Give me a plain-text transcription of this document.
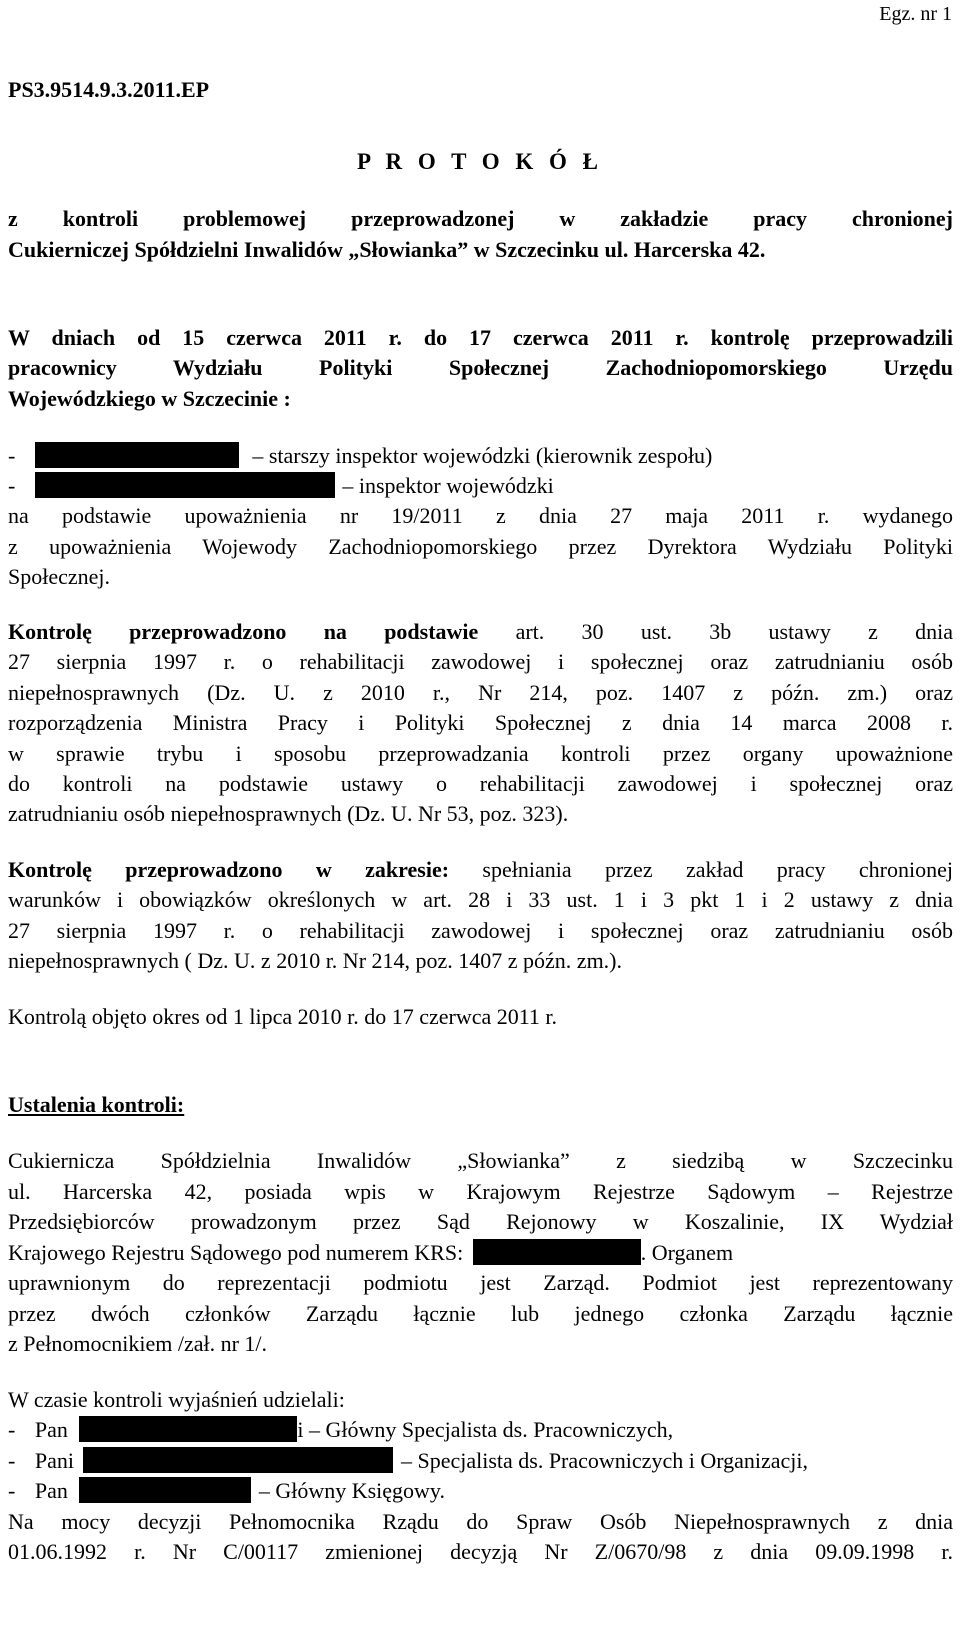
Egz. nr 1
PS3.9514.9.3.2011.EP
P R O T O K Ó Ł
z kontroli problemowej przeprowadzonej w zakładzie pracy chronionej
Cukierniczej Spółdzielni Inwalidów „Słowianka” w Szczecinku ul. Harcerska 42.
W dniach od 15 czerwca 2011 r. do 17 czerwca 2011 r. kontrolę przeprowadzili
pracownicy Wydziału Polityki Społecznej Zachodniopomorskiego Urzędu
Wojewódzkiego w Szczecinie :
-	– starszy inspektor wojewódzki (kierownik zespołu)
-	– inspektor wojewódzki
na podstawie upoważnienia nr 19/2011 z dnia 27 maja 2011 r. wydanego
z upoważnienia Wojewody Zachodniopomorskiego przez Dyrektora Wydziału Polityki
Społecznej.
Kontrolę przeprowadzono na podstawie art. 30 ust. 3b ustawy z dnia
27 sierpnia 1997 r. o rehabilitacji zawodowej i społecznej oraz zatrudnianiu osób
niepełnosprawnych (Dz. U. z 2010 r., Nr 214, poz. 1407 z późn. zm.) oraz
rozporządzenia Ministra Pracy i Polityki Społecznej z dnia 14 marca 2008 r.
w sprawie trybu i sposobu przeprowadzania kontroli przez organy upoważnione
do kontroli na podstawie ustawy o rehabilitacji zawodowej i społecznej oraz
zatrudnianiu osób niepełnosprawnych (Dz. U. Nr 53, poz. 323).
Kontrolę przeprowadzono w zakresie: spełniania przez zakład pracy chronionej
warunków i obowiązków określonych w art. 28 i 33 ust. 1 i 3 pkt 1 i 2 ustawy z dnia
27 sierpnia 1997 r. o rehabilitacji zawodowej i społecznej oraz zatrudnianiu osób
niepełnosprawnych ( Dz. U. z 2010 r. Nr 214, poz. 1407 z późn. zm.).
Kontrolą objęto okres od 1 lipca 2010 r. do 17 czerwca 2011 r.
Ustalenia kontroli:
Cukiernicza Spółdzielnia Inwalidów „Słowianka” z siedzibą w Szczecinku
ul. Harcerska 42, posiada wpis w Krajowym Rejestrze Sądowym – Rejestrze
Przedsiębiorców prowadzonym przez Sąd Rejonowy w Koszalinie, IX Wydział
Krajowego Rejestru Sądowego pod numerem KRS:	. Organem
uprawnionym do reprezentacji podmiotu jest Zarząd. Podmiot jest reprezentowany
przez dwóch członków Zarządu łącznie lub jednego członka Zarządu łącznie
z Pełnomocnikiem /zał. nr 1/.
W czasie kontroli wyjaśnień udzielali:
- Pan	i – Główny Specjalista ds. Pracowniczych,
- Pani	– Specjalista ds. Pracowniczych i Organizacji,
- Pan	– Główny Księgowy.
Na mocy decyzji Pełnomocnika Rządu do Spraw Osób Niepełnosprawnych z dnia
01.06.1992 r. Nr C/00117 zmienionej decyzją Nr Z/0670/98 z dnia 09.09.1998 r.
